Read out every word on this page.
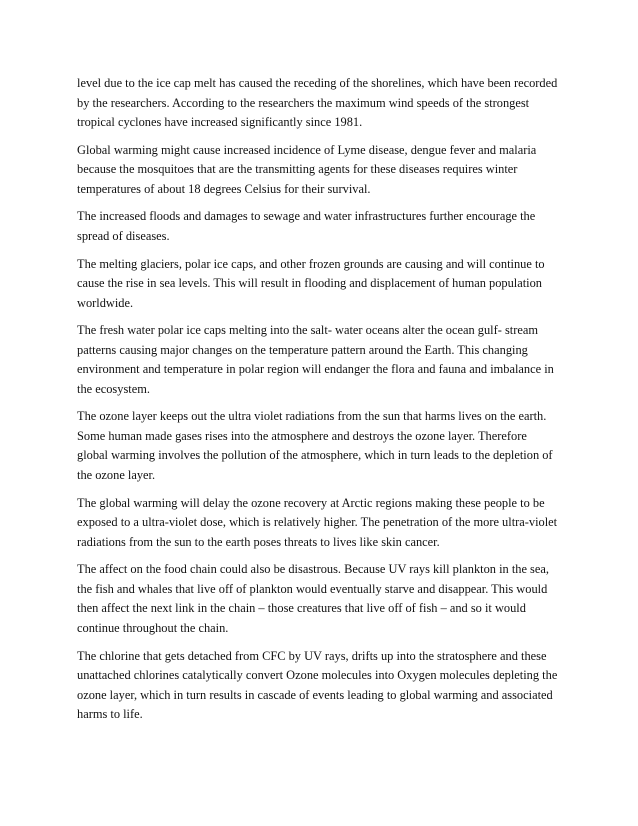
level due to the ice cap melt has caused the receding of the shorelines, which have been recorded
by the researchers. According to the researchers the maximum wind speeds of the strongest
tropical cyclones have increased significantly since 1981.

Global warming might cause increased incidence of Lyme disease, dengue fever and malaria
because the mosquitoes that are the transmitting agents for these diseases requires winter
temperatures of about 18 degrees Celsius for their survival.

The increased floods and damages to sewage and water infrastructures further encourage the
spread of diseases.

The melting glaciers, polar ice caps, and other frozen grounds are causing and will continue to
cause the rise in sea levels. This will result in flooding and displacement of human population
worldwide.

The fresh water polar ice caps melting into the salt- water oceans alter the ocean gulf- stream
patterns causing major changes on the temperature pattern around the Earth. This changing
environment and temperature in polar region will endanger the flora and fauna and imbalance in
the ecosystem.

The ozone layer keeps out the ultra violet radiations from the sun that harms lives on the earth.
Some human made gases rises into the atmosphere and destroys the ozone layer. Therefore
global warming involves the pollution of the atmosphere, which in turn leads to the depletion of
the ozone layer.

The global warming will delay the ozone recovery at Arctic regions making these people to be
exposed to a ultra-violet dose, which is relatively higher. The penetration of the more ultra-violet
radiations from the sun to the earth poses threats to lives like skin cancer.

The affect on the food chain could also be disastrous. Because UV rays kill plankton in the sea,
the fish and whales that live off of plankton would eventually starve and disappear. This would
then affect the next link in the chain – those creatures that live off of fish – and so it would
continue throughout the chain.

The chlorine that gets detached from CFC by UV rays, drifts up into the stratosphere and these
unattached chlorines catalytically convert Ozone molecules into Oxygen molecules depleting the
ozone layer, which in turn results in cascade of events leading to global warming and associated
harms to life.
